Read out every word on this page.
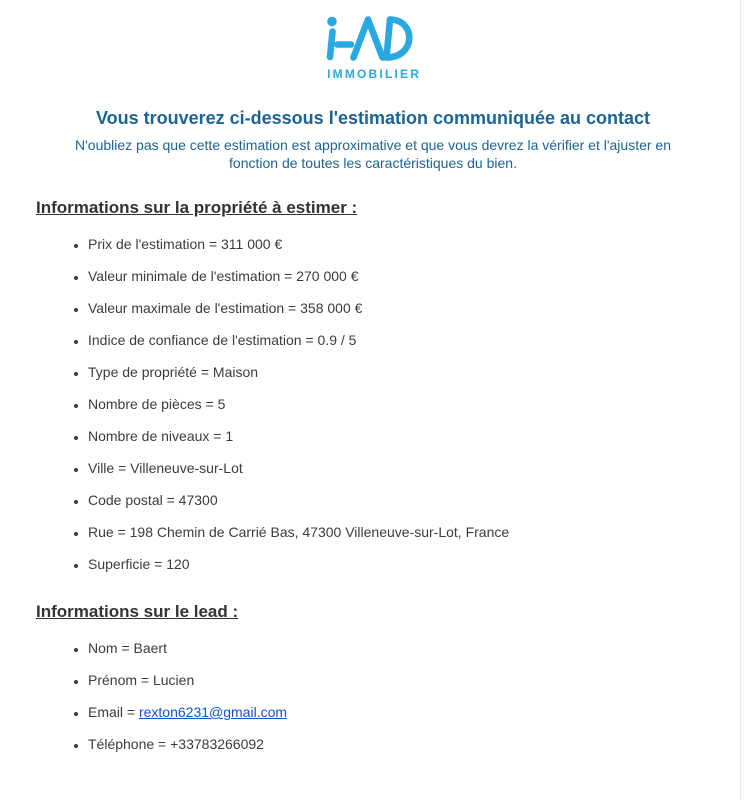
IMMOBILIER
Vous trouverez ci-dessous l'estimation communiquée au contact

N'oubliez pas que cette estimation est approximative et que vous devrez la vérifier et l'ajuster en fonction de toutes les caractéristiques du bien.

Informations sur la propriété à estimer :
• Prix de l'estimation = 311 000 €
• Valeur minimale de l'estimation = 270 000 €
• Valeur maximale de l'estimation = 358 000 €
• Indice de confiance de l'estimation = 0.9 / 5
• Type de propriété = Maison
• Nombre de pièces = 5
• Nombre de niveaux = 1
• Ville = Villeneuve-sur-Lot
• Code postal = 47300
• Rue = 198 Chemin de Carrié Bas, 47300 Villeneuve-sur-Lot, France
• Superficie = 120
Informations sur le lead :
• Nom = Baert
• Prénom = Lucien
• Email = rexton6231@gmail.com
• Téléphone = +33783266092
